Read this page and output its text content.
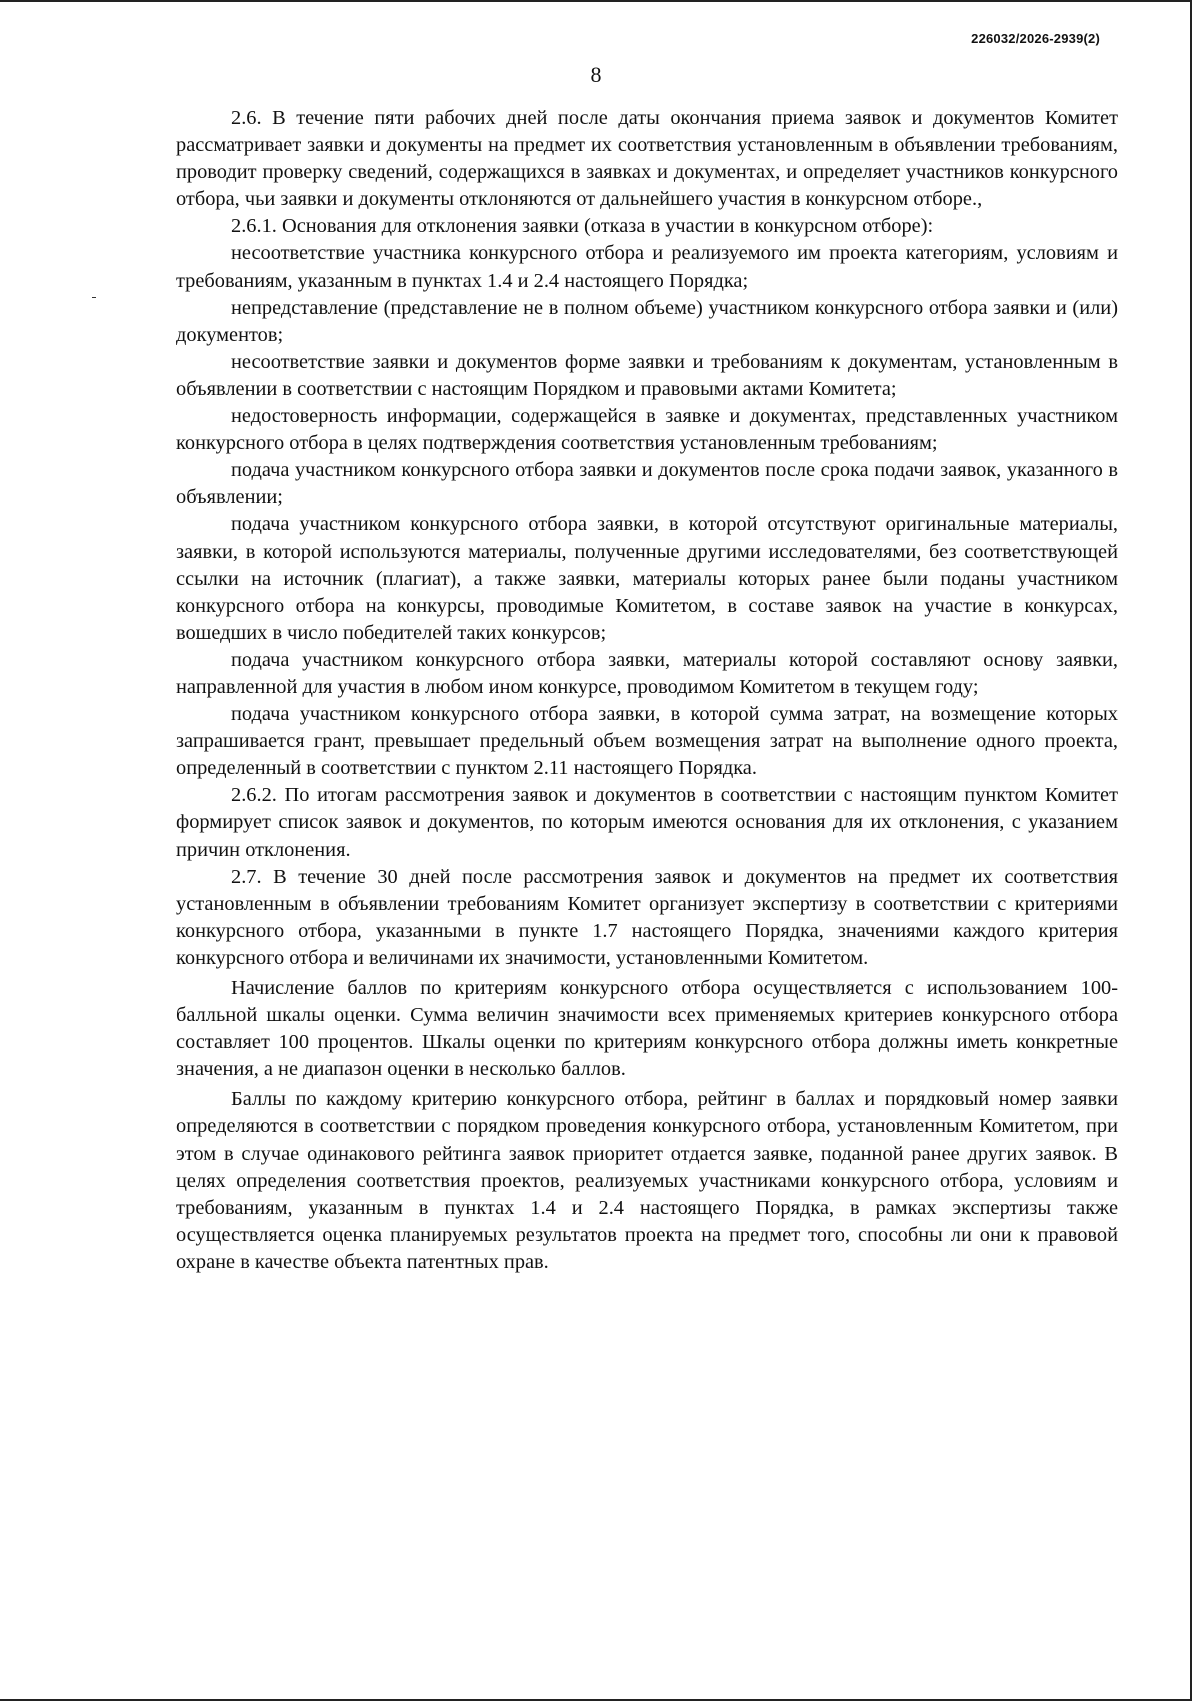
226032/2026-2939(2)
8

2.6. В течение пяти рабочих дней после даты окончания приема заявок и документов Комитет рассматривает заявки и документы на предмет их соответствия установленным в объявлении требованиям, проводит проверку сведений, содержащихся в заявках и документах, и определяет участников конкурсного отбора, чьи заявки и документы отклоняются от дальнейшего участия в конкурсном отборе.,

2.6.1. Основания для отклонения заявки (отказа в участии в конкурсном отборе):

несоответствие участника конкурсного отбора и реализуемого им проекта категориям, условиям и требованиям, указанным в пунктах 1.4 и 2.4 настоящего Порядка;

непредставление (представление не в полном объеме) участником конкурсного отбора заявки и (или) документов;

несоответствие заявки и документов форме заявки и требованиям к документам, установленным в объявлении в соответствии с настоящим Порядком и правовыми актами Комитета;

недостоверность информации, содержащейся в заявке и документах, представленных участником конкурсного отбора в целях подтверждения соответствия установленным требованиям;

подача участником конкурсного отбора заявки и документов после срока подачи заявок, указанного в объявлении;

подача участником конкурсного отбора заявки, в которой отсутствуют оригинальные материалы, заявки, в которой используются материалы, полученные другими исследователями, без соответствующей ссылки на источник (плагиат), а также заявки, материалы которых ранее были поданы участником конкурсного отбора на конкурсы, проводимые Комитетом, в составе заявок на участие в конкурсах, вошедших в число победителей таких конкурсов;

подача участником конкурсного отбора заявки, материалы которой составляют основу заявки, направленной для участия в любом ином конкурсе, проводимом Комитетом в текущем году;

подача участником конкурсного отбора заявки, в которой сумма затрат, на возмещение которых запрашивается грант, превышает предельный объем возмещения затрат на выполнение одного проекта, определенный в соответствии с пунктом 2.11 настоящего Порядка.

2.6.2. По итогам рассмотрения заявок и документов в соответствии с настоящим пунктом Комитет формирует список заявок и документов, по которым имеются основания для их отклонения, с указанием причин отклонения.

2.7. В течение 30 дней после рассмотрения заявок и документов на предмет их соответствия установленным в объявлении требованиям Комитет организует экспертизу в соответствии с критериями конкурсного отбора, указанными в пункте 1.7 настоящего Порядка, значениями каждого критерия конкурсного отбора и величинами их значимости, установленными Комитетом.

Начисление баллов по критериям конкурсного отбора осуществляется с использованием 100-балльной шкалы оценки. Сумма величин значимости всех применяемых критериев конкурсного отбора составляет 100 процентов. Шкалы оценки по критериям конкурсного отбора должны иметь конкретные значения, а не диапазон оценки в несколько баллов.

Баллы по каждому критерию конкурсного отбора, рейтинг в баллах и порядковый номер заявки определяются в соответствии с порядком проведения конкурсного отбора, установленным Комитетом, при этом в случае одинакового рейтинга заявок приоритет отдается заявке, поданной ранее других заявок. В целях определения соответствия проектов, реализуемых участниками конкурсного отбора, условиям и требованиям, указанным в пунктах 1.4 и 2.4 настоящего Порядка, в рамках экспертизы также осуществляется оценка планируемых результатов проекта на предмет того, способны ли они к правовой охране в качестве объекта патентных прав.
